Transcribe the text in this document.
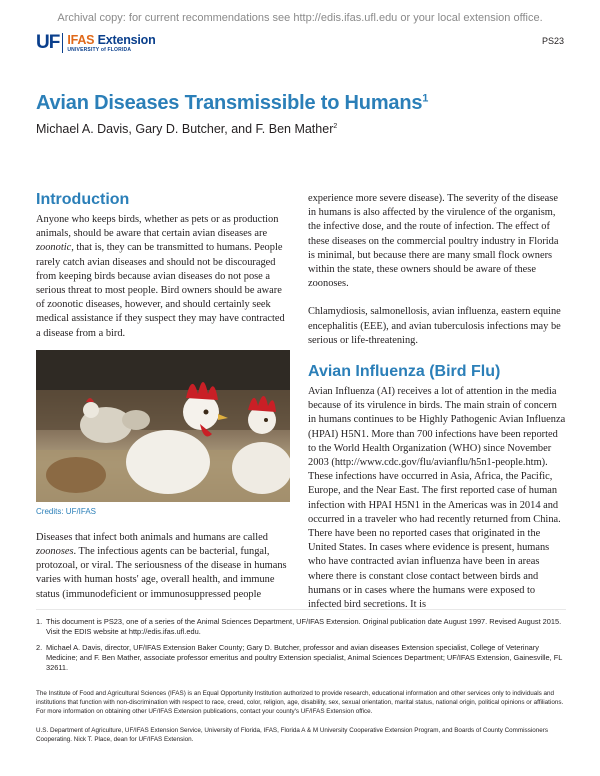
Archival copy: for current recommendations see http://edis.ifas.ufl.edu or your local extension office.
UF IFAS Extension
UNIVERSITY of FLORIDA
PS23
Avian Diseases Transmissible to Humans$^1$
Michael A. Davis, Gary D. Butcher, and F. Ben Mather$^2$
Introduction

Anyone who keeps birds, whether as pets or as production animals, should be aware that certain avian diseases are zoonotic, that is, they can be transmitted to humans. People rarely catch avian diseases and should not be discouraged from keeping birds because avian diseases do not pose a serious threat to most people. Bird owners should be aware of zoonotic diseases, however, and should certainly seek medical assistance if they suspect they may have contracted a disease from a bird.

Credits: UF/IFAS

Diseases that infect both animals and humans are called zoonoses. The infectious agents can be bacterial, fungal, protozoal, or viral. The seriousness of the disease in humans varies with human hosts' age, overall health, and immune status (immunodeficient or immunosuppressed people

experience more severe disease). The severity of the disease in humans is also affected by the virulence of the organism, the infective dose, and the route of infection. The effect of these diseases on the commercial poultry industry in Florida is minimal, but because there are many small flock owners within the state, these owners should be aware of these zoonoses.

Chlamydiosis, salmonellosis, avian influenza, eastern equine encephalitis (EEE), and avian tuberculosis infections may be serious or life-threatening.

Avian Influenza (Bird Flu)

Avian Influenza (AI) receives a lot of attention in the media because of its virulence in birds. The main strain of concern in humans continues to be Highly Pathogenic Avian Influenza (HPAI) H5N1. More than 700 infections have been reported to the World Health Organization (WHO) since November 2003 (http://www.cdc.gov/flu/avianflu/h5n1-people.htm). These infections have occurred in Asia, Africa, the Pacific, Europe, and the Near East. The first reported case of human infection with HPAI H5N1 in the Americas was in 2014 and occurred in a traveler who had recently returned from China. There have been no reported cases that originated in the United States. In cases where evidence is present, humans who have contracted avian influenza have been in areas where there is constant close contact between birds and humans or in cases where the humans were exposed to infected bird secretions. It is

1. This document is PS23, one of a series of the Animal Sciences Department, UF/IFAS Extension. Original publication date August 1997. Revised August 2015. Visit the EDIS website at http://edis.ifas.ufl.edu.
2. Michael A. Davis, director, UF/IFAS Extension Baker County; Gary D. Butcher, professor and avian diseases Extension specialist, College of Veterinary Medicine; and F. Ben Mather, associate professor emeritus and poultry Extension specialist, Animal Sciences Department; UF/IFAS Extension, Gainesville, FL 32611.
The Institute of Food and Agricultural Sciences (IFAS) is an Equal Opportunity Institution authorized to provide research, educational information and other services only to individuals and institutions that function with non-discrimination with respect to race, creed, color, religion, age, disability, sex, sexual orientation, marital status, national origin, political opinions or affiliations. For more information on obtaining other UF/IFAS Extension publications, contact your county's UF/IFAS Extension office.
U.S. Department of Agriculture, UF/IFAS Extension Service, University of Florida, IFAS, Florida A & M University Cooperative Extension Program, and Boards of County Commissioners Cooperating. Nick T. Place, dean for UF/IFAS Extension.
